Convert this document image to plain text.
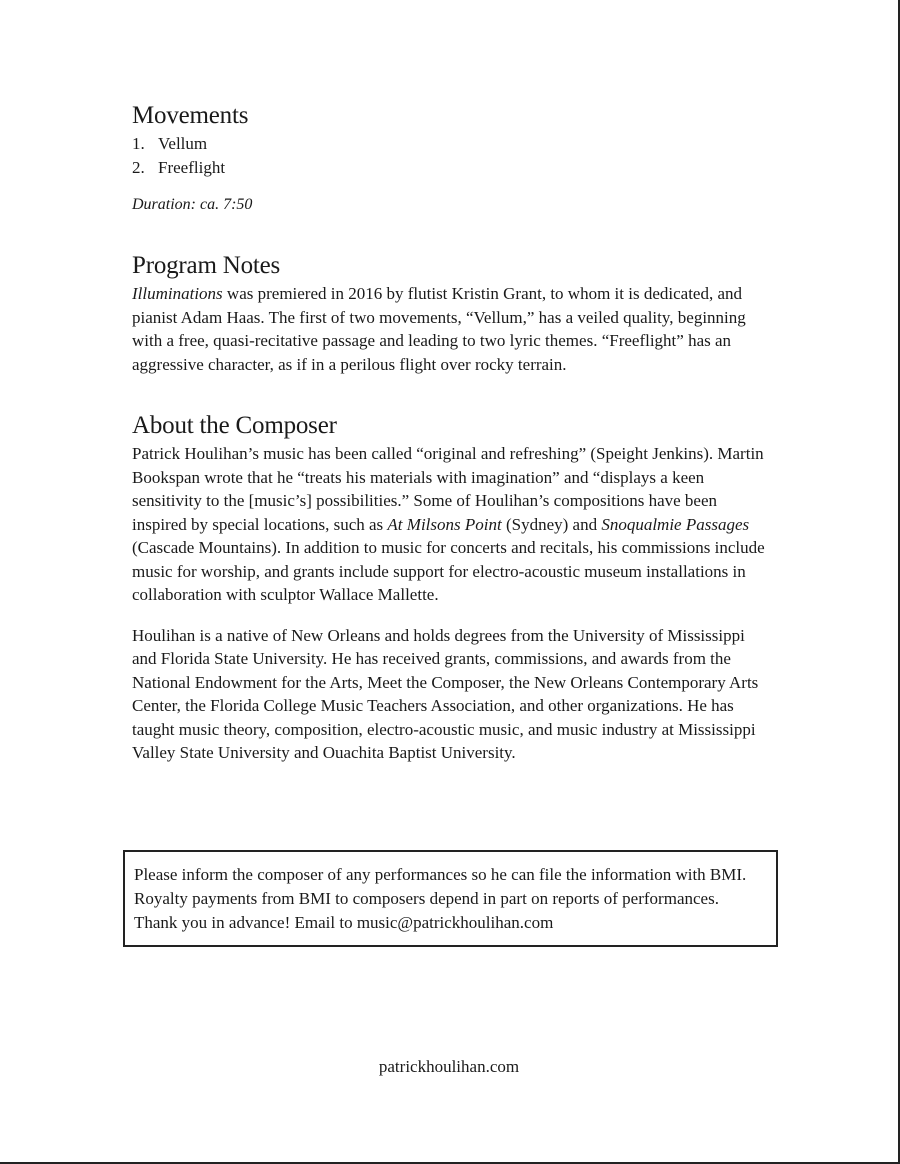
Movements
1. Vellum
2. Freeflight
Duration: ca. 7:50
Program Notes

Illuminations was premiered in 2016 by flutist Kristin Grant, to whom it is dedicated, and pianist Adam Haas. The first of two movements, “Vellum,” has a veiled quality, beginning with a free, quasi-recitative passage and leading to two lyric themes. “Freeflight” has an aggressive character, as if in a perilous flight over rocky terrain.

About the Composer

Patrick Houlihan’s music has been called “original and refreshing” (Speight Jenkins). Martin Bookspan wrote that he “treats his materials with imagination” and “displays a keen sensitivity to the [music’s] possibilities.” Some of Houlihan’s compositions have been inspired by special locations, such as At Milsons Point (Sydney) and Snoqualmie Passages (Cascade Mountains). In addition to music for concerts and recitals, his commissions include music for worship, and grants include support for electro-acoustic museum installations in collaboration with sculptor Wallace Mallette.

Houlihan is a native of New Orleans and holds degrees from the University of Mississippi and Florida State University. He has received grants, commissions, and awards from the National Endowment for the Arts, Meet the Composer, the New Orleans Contemporary Arts Center, the Florida College Music Teachers Association, and other organizations. He has taught music theory, composition, electro-acoustic music, and music industry at Mississippi Valley State University and Ouachita Baptist University.

Please inform the composer of any performances so he can file the information with BMI. Royalty payments from BMI to composers depend in part on reports of performances. Thank you in advance! Email to music@patrickhoulihan.com

patrickhoulihan.com
